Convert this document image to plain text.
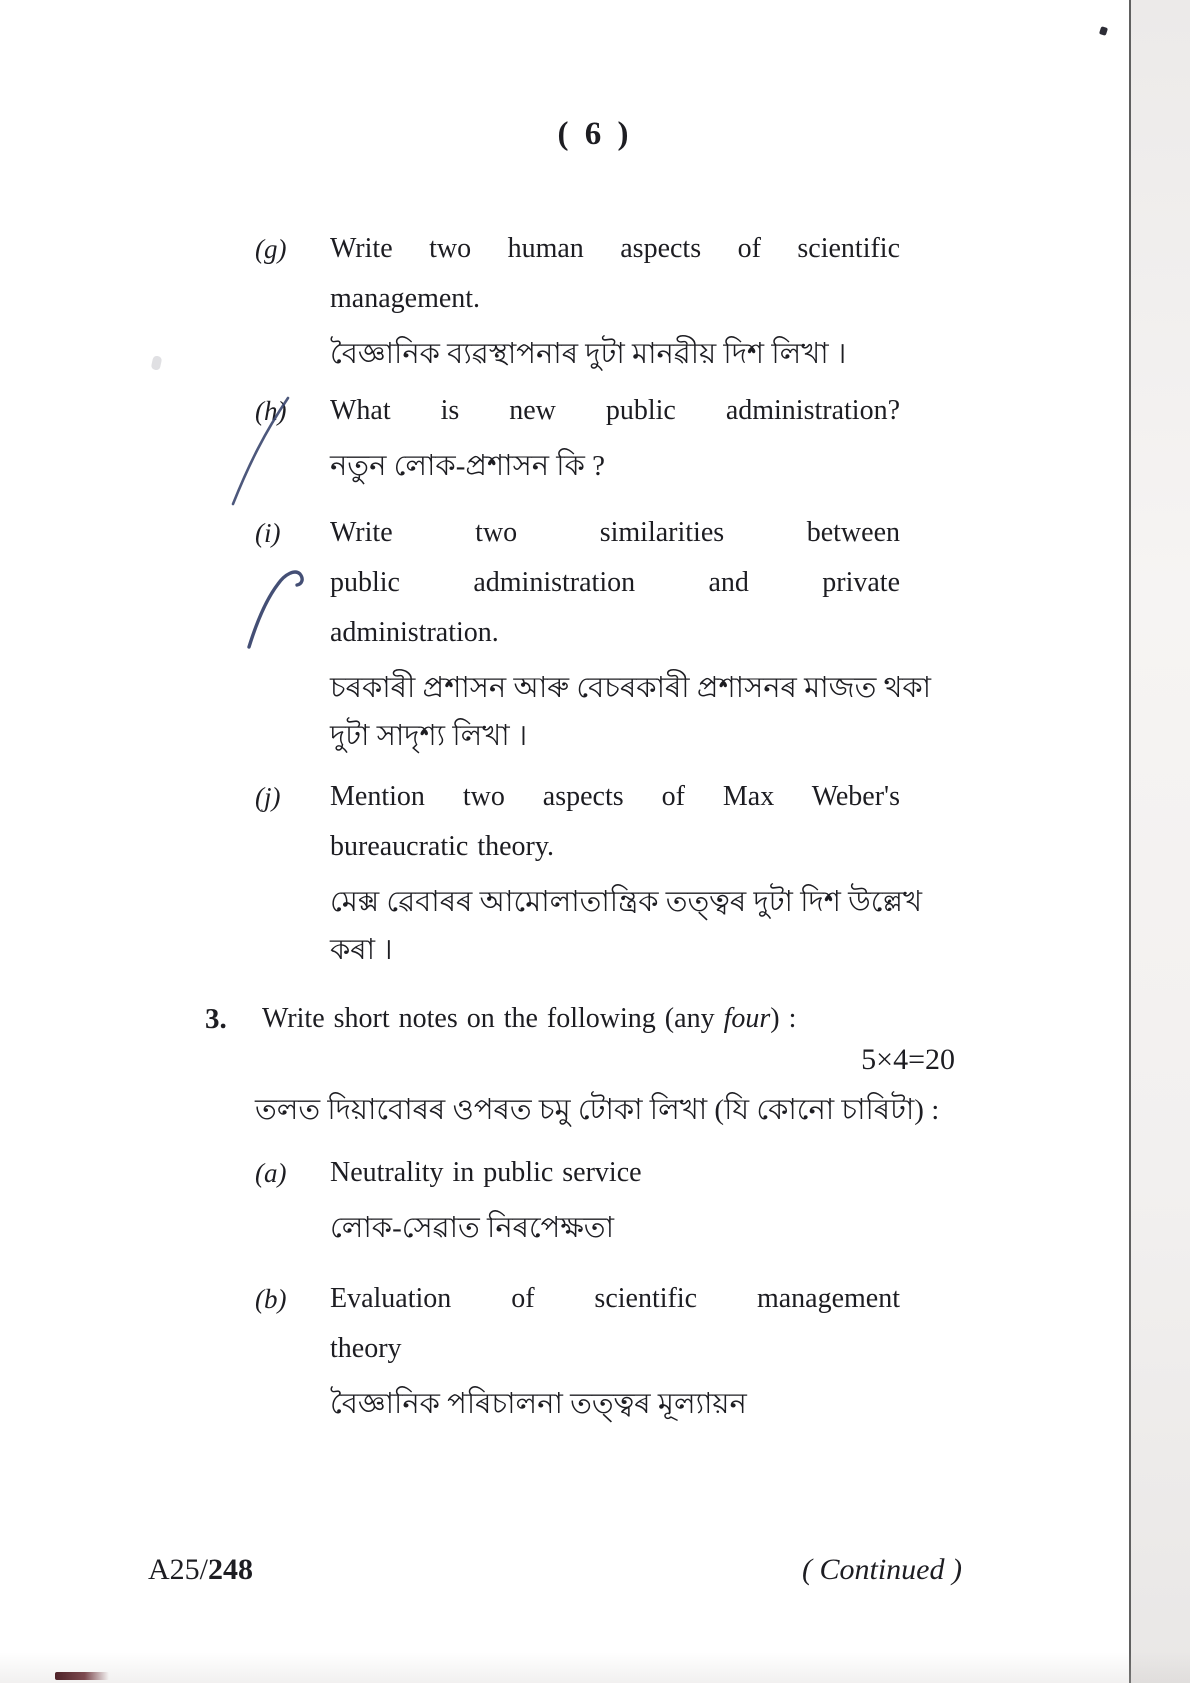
( 6 )
(g) Write two human aspects of scientific
management.
বৈজ্ঞানিক ব্যৱস্থাপনাৰ দুটা মানৱীয় দিশ লিখা ।
(h) What is new public administration?
নতুন লোক-প্ৰশাসন কি ?
(i) Write two similarities between
public administration and private
administration.
চৰকাৰী প্ৰশাসন আৰু বেচৰকাৰী প্ৰশাসনৰ মাজত থকা
দুটা সাদৃশ্য লিখা ।
(j) Mention two aspects of Max Weber's
bureaucratic theory.
মেক্স ৱেবাৰৰ আমোলাতান্ত্ৰিক তত্ত্বৰ দুটা দিশ উল্লেখ
কৰা ।
3. Write short notes on the following (any four) :
5×4=20
তলত দিয়াবোৰৰ ওপৰত চমু টোকা লিখা (যি কোনো চাৰিটা) :
(a) Neutrality in public service
লোক-সেৱাত নিৰপেক্ষতা
(b) Evaluation of scientific management
theory
বৈজ্ঞানিক পৰিচালনা তত্ত্বৰ মূল্যায়ন
A25/248	( Continued )
